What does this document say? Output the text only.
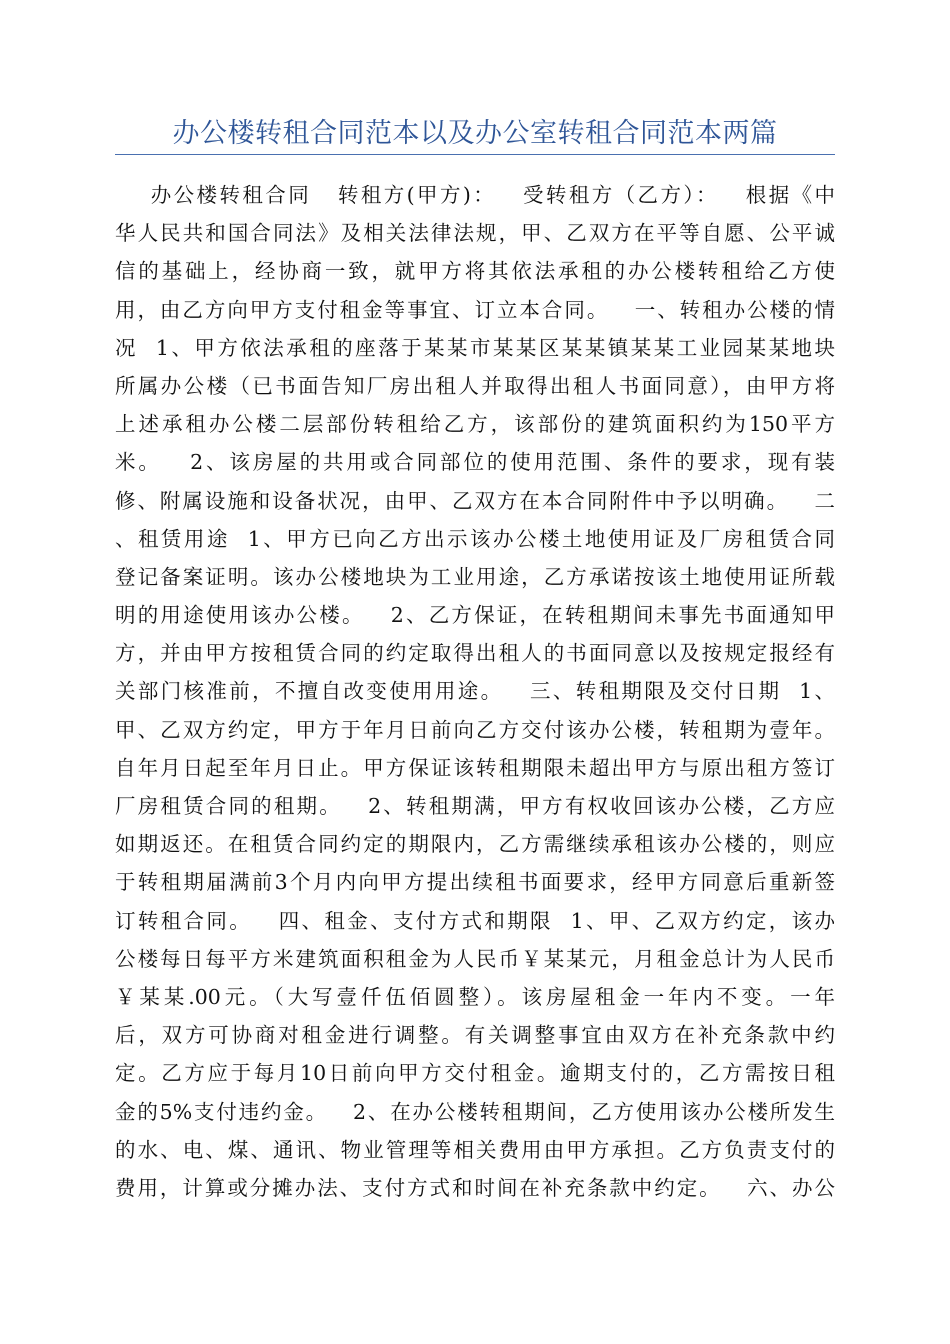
办公楼转租合同范本以及办公室转租合同范本两篇
办公楼转租合同   转租方(甲方)：   受转租方（乙方）：   根据《中
华人民共和国合同法》及相关法律法规，甲、乙双方在平等自愿、公平诚
信的基础上，经协商一致，就甲方将其依法承租的办公楼转租给乙方使
用，由乙方向甲方支付租金等事宜、订立本合同。   一、转租办公楼的情
况  1、甲方依法承租的座落于某某市某某区某某镇某某工业园某某地块
所属办公楼（已书面告知厂房出租人并取得出租人书面同意），由甲方将
上述承租办公楼二层部份转租给乙方，该部份的建筑面积约为150平方
米。   2、该房屋的共用或合同部位的使用范围、条件的要求，现有装
修、附属设施和设备状况，由甲、乙双方在本合同附件中予以明确。   二
、租赁用途  1、甲方已向乙方出示该办公楼土地使用证及厂房租赁合同
登记备案证明。该办公楼地块为工业用途，乙方承诺按该土地使用证所载
明的用途使用该办公楼。   2、乙方保证，在转租期间未事先书面通知甲
方，并由甲方按租赁合同的约定取得出租人的书面同意以及按规定报经有
关部门核准前，不擅自改变使用用途。   三、转租期限及交付日期  1、
甲、乙双方约定，甲方于年月日前向乙方交付该办公楼，转租期为壹年。
自年月日起至年月日止。甲方保证该转租期限未超出甲方与原出租方签订
厂房租赁合同的租期。   2、转租期满，甲方有权收回该办公楼，乙方应
如期返还。在租赁合同约定的期限内，乙方需继续承租该办公楼的，则应
于转租期届满前3个月内向甲方提出续租书面要求，经甲方同意后重新签
订转租合同。   四、租金、支付方式和期限  1、甲、乙双方约定，该办
公楼每日每平方米建筑面积租金为人民币￥某某元，月租金总计为人民币
￥某某.00元。（大写壹仟伍佰圆整）。该房屋租金一年内不变。一年
后，双方可协商对租金进行调整。有关调整事宜由双方在补充条款中约
定。乙方应于每月10日前向甲方交付租金。逾期支付的，乙方需按日租
金的5%支付违约金。   2、在办公楼转租期间，乙方使用该办公楼所发生
的水、电、煤、通讯、物业管理等相关费用由甲方承担。乙方负责支付的
费用，计算或分摊办法、支付方式和时间在补充条款中约定。   六、办公
